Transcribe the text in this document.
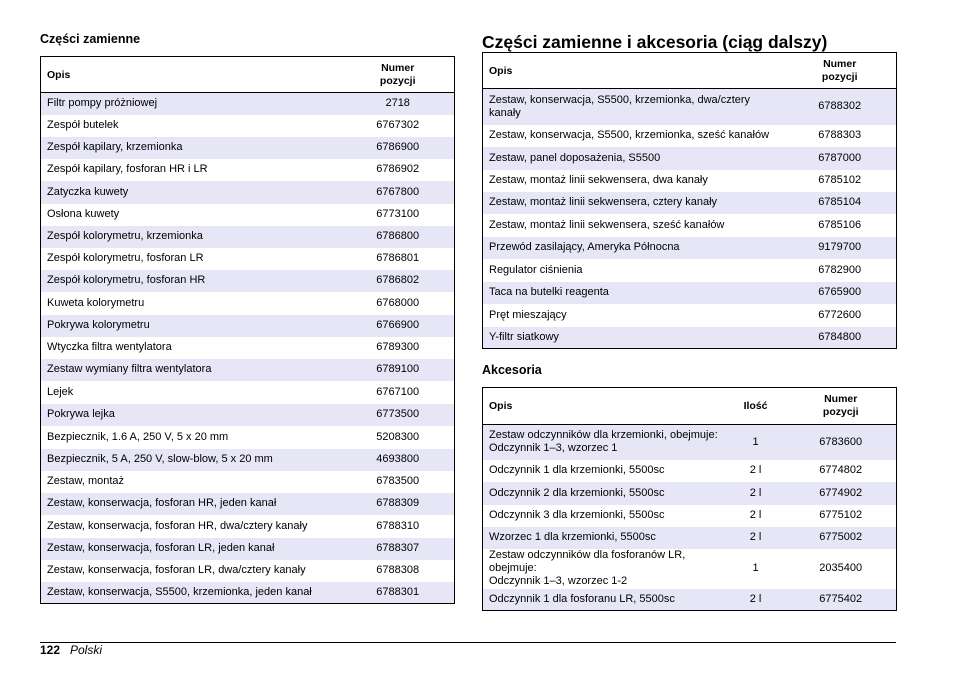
Części zamienne
Opis	Numer pozycji
Filtr pompy próżniowej	2718
Zespół butelek	6767302
Zespół kapilary, krzemionka	6786900
Zespół kapilary, fosforan HR i LR	6786902
Zatyczka kuwety	6767800
Osłona kuwety	6773100
Zespół kolorymetru, krzemionka	6786800
Zespół kolorymetru, fosforan LR	6786801
Zespół kolorymetru, fosforan HR	6786802
Kuweta kolorymetru	6768000
Pokrywa kolorymetru	6766900
Wtyczka filtra wentylatora	6789300
Zestaw wymiany filtra wentylatora	6789100
Lejek	6767100
Pokrywa lejka	6773500
Bezpiecznik, 1.6 A, 250 V, 5 x 20 mm	5208300
Bezpiecznik, 5 A, 250 V, slow-blow, 5 x 20 mm	4693800
Zestaw, montaż	6783500
Zestaw, konserwacja, fosforan HR, jeden kanał	6788309
Zestaw, konserwacja, fosforan HR, dwa/cztery kanały	6788310
Zestaw, konserwacja, fosforan LR, jeden kanał	6788307
Zestaw, konserwacja, fosforan LR, dwa/cztery kanały	6788308
Zestaw, konserwacja, S5500, krzemionka, jeden kanał	6788301
Części zamienne i akcesoria (ciąg dalszy)
Opis	Numer pozycji
Zestaw, konserwacja, S5500, krzemionka, dwa/cztery kanały	6788302
Zestaw, konserwacja, S5500, krzemionka, sześć kanałów	6788303
Zestaw, panel doposażenia, S5500	6787000
Zestaw, montaż linii sekwensera, dwa kanały	6785102
Zestaw, montaż linii sekwensera, cztery kanały	6785104
Zestaw, montaż linii sekwensera, sześć kanałów	6785106
Przewód zasilający, Ameryka Północna	9179700
Regulator ciśnienia	6782900
Taca na butelki reagenta	6765900
Pręt mieszający	6772600
Y-filtr siatkowy	6784800
Akcesoria
Opis	Ilość	Numer pozycji
Zestaw odczynników dla krzemionki, obejmuje:
Odczynnik 1–3, wzorzec 1	1	6783600
Odczynnik 1 dla krzemionki, 5500sc	2 l	6774802
Odczynnik 2 dla krzemionki, 5500sc	2 l	6774902
Odczynnik 3 dla krzemionki, 5500sc	2 l	6775102
Wzorzec 1 dla krzemionki, 5500sc	2 l	6775002
Zestaw odczynników dla fosforanów LR,
obejmuje:
Odczynnik 1–3, wzorzec 1-2	1	2035400
Odczynnik 1 dla fosforanu LR, 5500sc	2 l	6775402
122 Polski
